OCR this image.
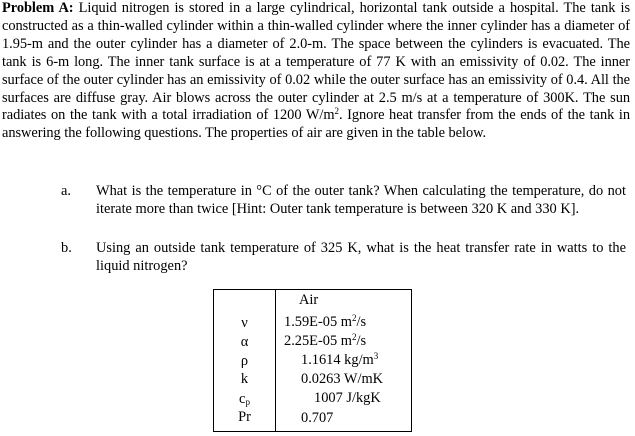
Problem A: Liquid nitrogen is stored in a large cylindrical, horizontal tank outside a hospital. The tank is constructed as a thin-walled cylinder within a thin-walled cylinder where the inner cylinder has a diameter of 1.95-m and the outer cylinder has a diameter of 2.0-m. The space between the cylinders is evacuated. The tank is 6-m long. The inner tank surface is at a temperature of 77 K with an emissivity of 0.02. The inner surface of the outer cylinder has an emissivity of 0.02 while the outer surface has an emissivity of 0.4. All the surfaces are diffuse gray. Air blows across the outer cylinder at 2.5 m/s at a temperature of 300K. The sun radiates on the tank with a total irradiation of 1200 $W/m^2$. Ignore heat transfer from the ends of the tank in answering the following questions. The properties of air are given in the table below.
a. What is the temperature in °C of the outer tank? When calculating the temperature, do not iterate more than twice [Hint: Outer tank temperature is between 320 K and 330 K].
b. Using an outside tank temperature of 325 K, what is the heat transfer rate in watts to the liquid nitrogen?
Air
ν	1.59E-05 $m^2/s$
α	2.25E-05 $m^2/s$
ρ	1.1614 $kg/m^3$
k	0.0263 W/mK
$c_p$	1007 J/kgK
Pr	0.707
